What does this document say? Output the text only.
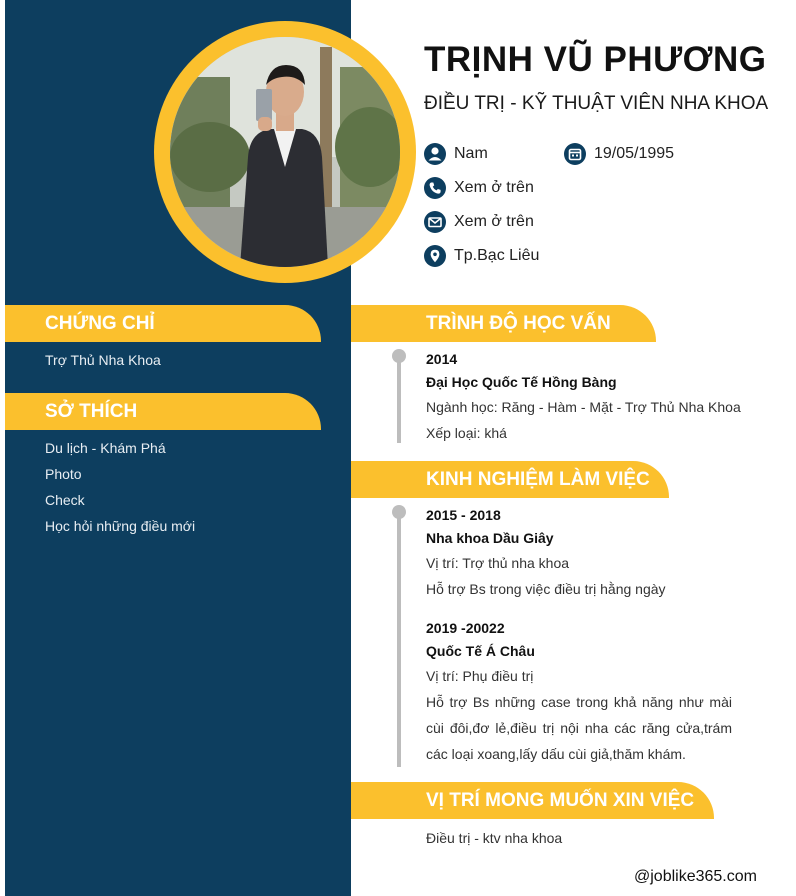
TRỊNH VŨ PHƯƠNG
ĐIỀU TRỊ - KỸ THUẬT VIÊN NHA KHOA
Nam	19/05/1995
Xem ở trên
Xem ở trên
Tp.Bạc Liêu
CHỨNG CHỈ
Trợ Thủ Nha Khoa
SỞ THÍCH
Du lịch - Khám Phá
Photo
Check
Học hỏi những điều mới
TRÌNH ĐỘ HỌC VẤN
2014
Đại Học Quốc Tế Hồng Bàng
Ngành học: Răng - Hàm - Mặt - Trợ Thủ Nha Khoa
Xếp loại: khá
KINH NGHIỆM LÀM VIỆC
2015 - 2018
Nha khoa Dầu Giây
Vị trí: Trợ thủ nha khoa
Hỗ trợ Bs trong việc điều trị hằng ngày
2019 -20022
Quốc Tế Á Châu
Vị trí: Phụ điều trị
Hỗ trợ Bs những case trong khả năng như mài cùi đôi,đơ lẻ,điều trị nội nha các răng cửa,trám các loại xoang,lấy dấu cùi giả,thăm khám.
VỊ TRÍ MONG MUỐN XIN VIỆC
Điều trị - ktv nha khoa
@joblike365.com
